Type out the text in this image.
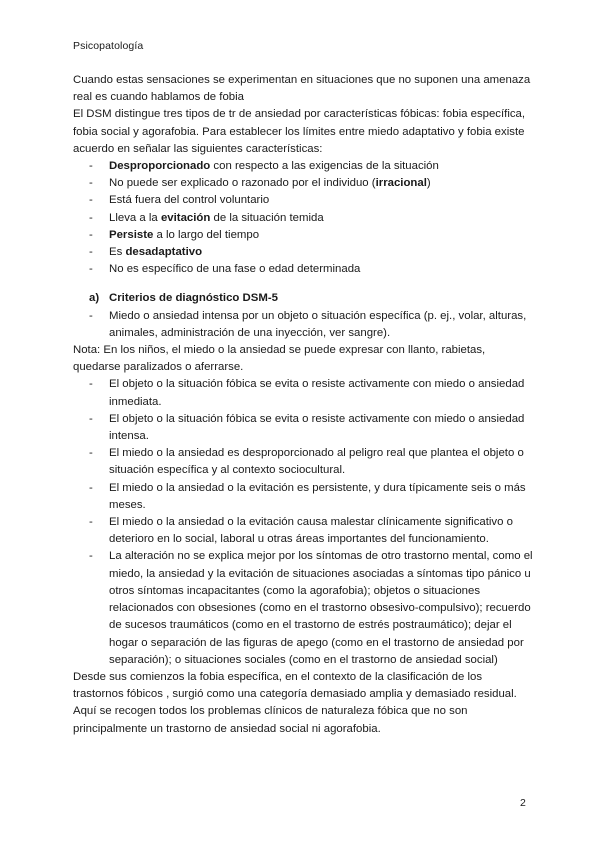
Psicopatología

Cuando estas sensaciones se experimentan en situaciones que no suponen una amenaza real es cuando hablamos de fobia

El DSM distingue tres tipos de tr de ansiedad por características fóbicas: fobia específica, fobia social y agorafobia. Para establecer los límites entre miedo adaptativo y fobia existe acuerdo en señalar las siguientes características:

- Desproporcionado con respecto a las exigencias de la situación
- No puede ser explicado o razonado por el individuo (irracional)
- Está fuera del control voluntario
- Lleva a la evitación de la situación temida
- Persiste a lo largo del tiempo
- Es desadaptativo
- No es específico de una fase o edad determinada
a) Criterios de diagnóstico DSM-5
- Miedo o ansiedad intensa por un objeto o situación específica (p. ej., volar, alturas, animales, administración de una inyección, ver sangre).

Nota: En los niños, el miedo o la ansiedad se puede expresar con llanto, rabietas, quedarse paralizados o aferrarse.

- El objeto o la situación fóbica se evita o resiste activamente con miedo o ansiedad inmediata.
- El objeto o la situación fóbica se evita o resiste activamente con miedo o ansiedad intensa.
- El miedo o la ansiedad es desproporcionado al peligro real que plantea el objeto o situación específica y al contexto sociocultural.
- El miedo o la ansiedad o la evitación es persistente, y dura típicamente seis o más meses.
- El miedo o la ansiedad o la evitación causa malestar clínicamente significativo o deterioro en lo social, laboral u otras áreas importantes del funcionamiento.
- La alteración no se explica mejor por los síntomas de otro trastorno mental, como el miedo, la ansiedad y la evitación de situaciones asociadas a síntomas tipo pánico u otros síntomas incapacitantes (como la agorafobia); objetos o situaciones relacionados con obsesiones (como en el trastorno obsesivo-compulsivo); recuerdo de sucesos traumáticos (como en el trastorno de estrés postraumático); dejar el hogar o separación de las figuras de apego (como en el trastorno de ansiedad por separación); o situaciones sociales (como en el trastorno de ansiedad social)

Desde sus comienzos la fobia específica, en el contexto de la clasificación de los trastornos fóbicos , surgió como una categoría demasiado amplia y demasiado residual.

Aquí se recogen todos los problemas clínicos de naturaleza fóbica que no son principalmente un trastorno de ansiedad social ni agorafobia.

2
